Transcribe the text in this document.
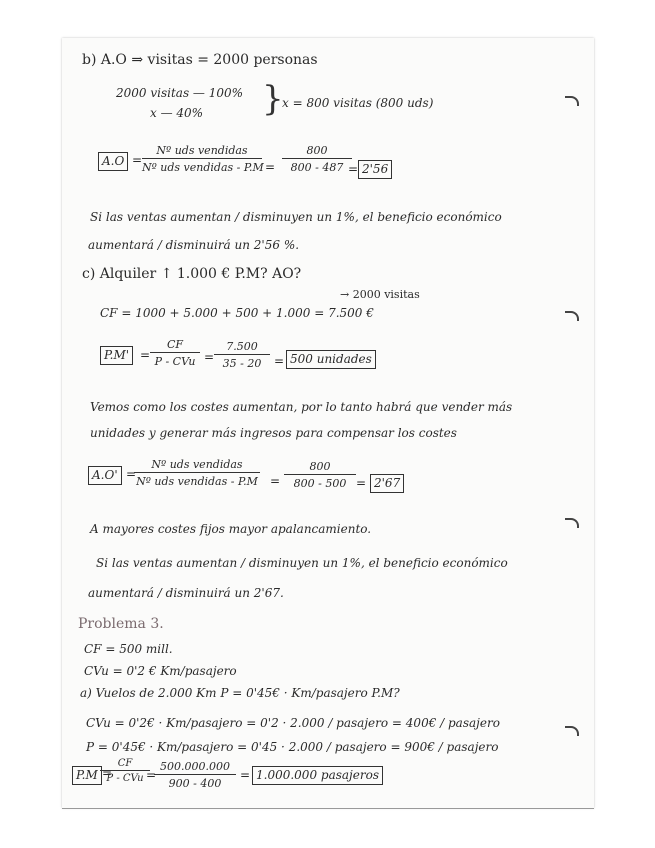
b) A.O ⇒ visitas = 2000 personas
2000 visitas — 100%
x — 40% }
x = 800 visitas (800 uds)
A.O =
Nº uds vendidas
Nº uds vendidas - $P.M = \frac{800}{800 - 487}$
= 2'56
Si las ventas aumentan / disminuyen un 1%, el beneficio económico
aumentará / disminuirá un 2'56 %.
c) Alquiler ↑ 1.000 € P.M? AO?
→ 2000 visitas
CF = 1000 + 5.000 + 500 + 1.000 = 7.500 €
P.M' =
CF
P - CVu = $\frac{7.500}{35 - 20} = 500$ unidades
Vemos como los costes aumentan, por lo tanto habrá que vender más
unidades y generar más ingresos para compensar los costes
A.O' =
Nº uds vendidas
Nº uds vendidas - $P.M = \frac{800}{800 - 500} = 2'67$
A mayores costes fijos mayor apalancamiento.
Si las ventas aumentan / disminuyen un 1%, el beneficio económico
aumentará / disminuirá un 2'67.
Problema 3.
CF = 500 mill.
CVu = 0'2 € Km/pasajero
a) Vuelos de 2.000 Km P = 0'45€ · Km/pasajero P.M?
CVu = 0'2€ · Km/pasajero = 0'2 · 2.000 / pasajero = 400€ / pasajero
P = 0'45€ · Km/pasajero = 0'45 · 2.000 / pasajero = 900€ / pasajero
P.M =
CF
P - CVu =
$\frac{500.000.000}{900 - 400} = 1.000.000$ pasajeros
